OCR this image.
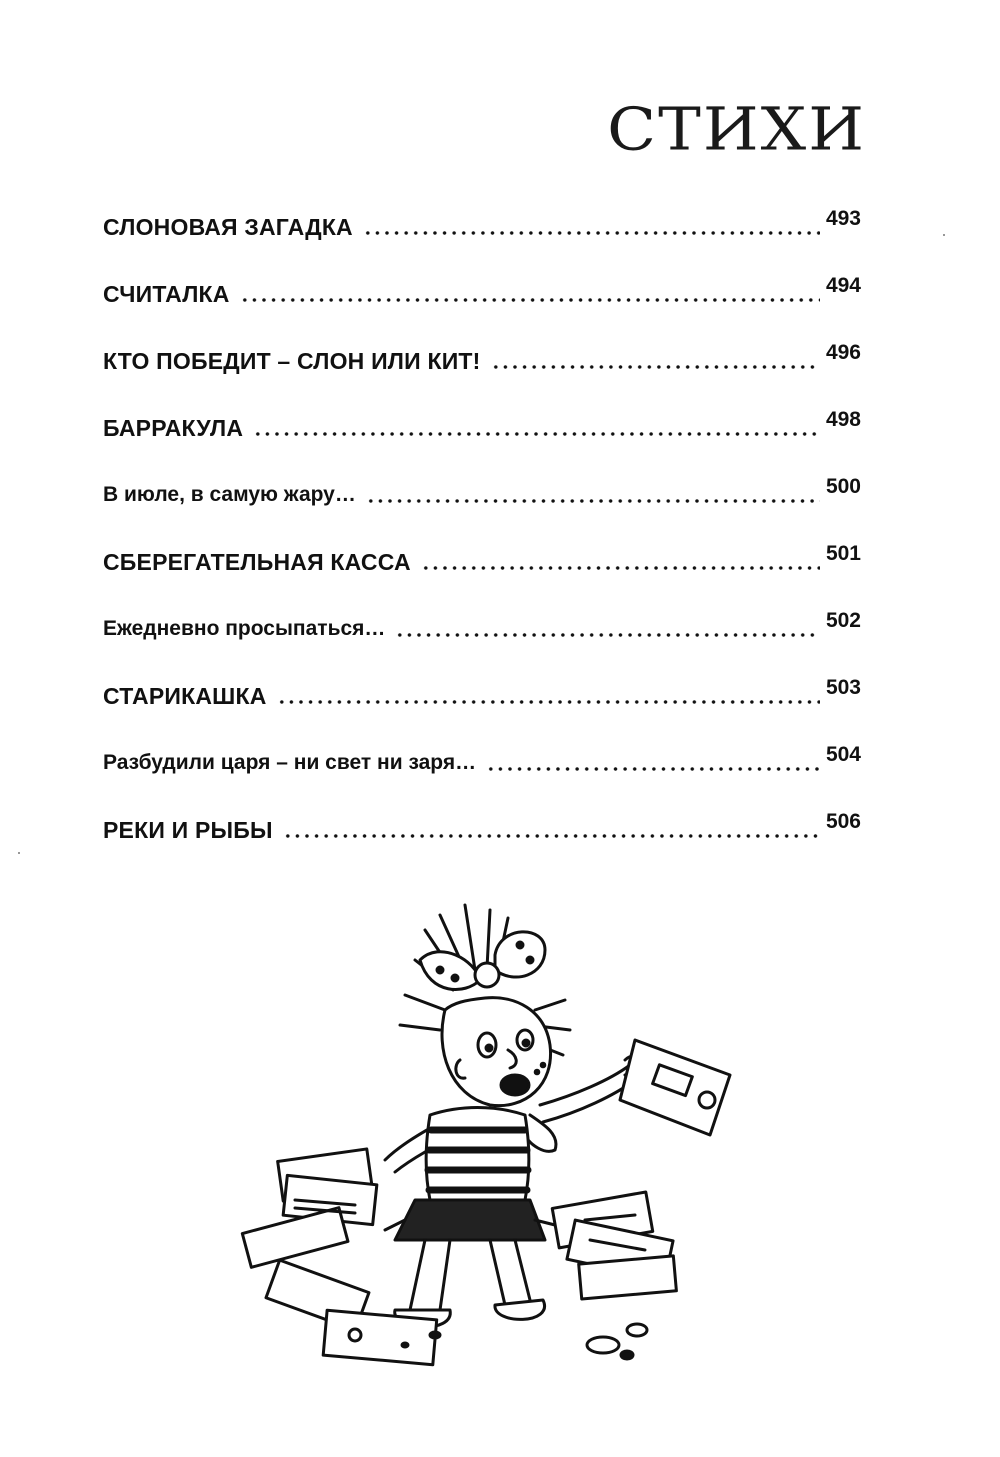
СТИХИ
СЛОНОВАЯ ЗАГАДКА	493
СЧИТАЛКА	494
КТО ПОБЕДИТ – СЛОН ИЛИ КИТ!	496
БАРРАКУЛА	498
В июле, в самую жару…	500
СБЕРЕГАТЕЛЬНАЯ КАССА	501
Ежедневно просыпаться…	502
СТАРИКАШКА	503
Разбудили царя – ни свет ни заря…	504
РЕКИ И РЫБЫ	506
